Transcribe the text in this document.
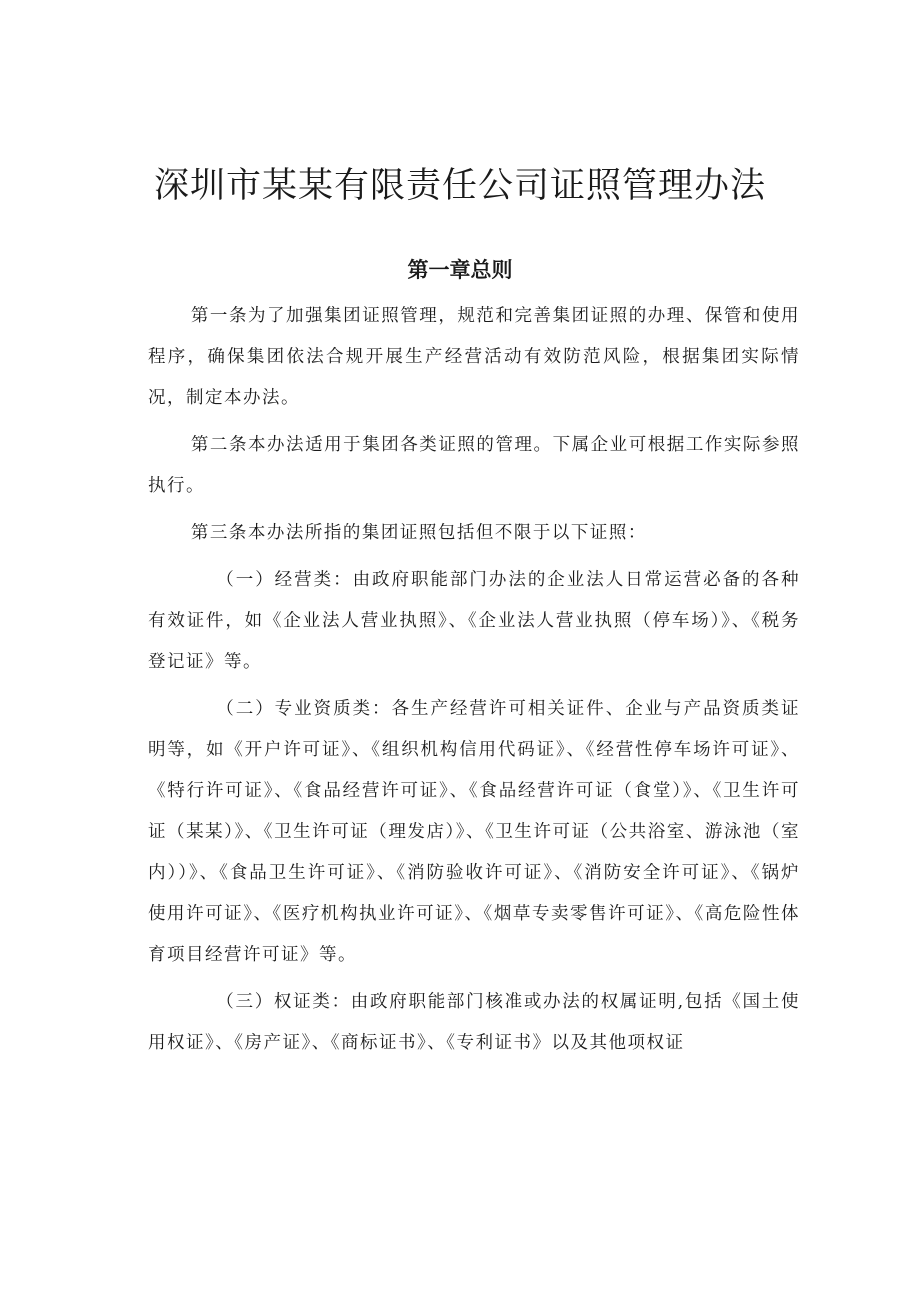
深圳市某某有限责任公司证照管理办法
第一章总则

第一条为了加强集团证照管理，规范和完善集团证照的办理、保管和使用程序，确保集团依法合规开展生产经营活动有效防范风险，根据集团实际情况，制定本办法。

第二条本办法适用于集团各类证照的管理。下属企业可根据工作实际参照执行。

第三条本办法所指的集团证照包括但不限于以下证照：

（一）经营类：由政府职能部门办法的企业法人日常运营必备的各种有效证件，如《企业法人营业执照》、《企业法人营业执照（停车场）》、《税务登记证》等。

（二）专业资质类：各生产经营许可相关证件、企业与产品资质类证明等，如《开户许可证》、《组织机构信用代码证》、《经营性停车场许可证》、《特行许可证》、《食品经营许可证》、《食品经营许可证（食堂）》、《卫生许可证（某某）》、《卫生许可证（理发店）》、《卫生许可证（公共浴室、游泳池（室内））》、《食品卫生许可证》、《消防验收许可证》、《消防安全许可证》、《锅炉使用许可证》、《医疗机构执业许可证》、《烟草专卖零售许可证》、《高危险性体育项目经营许可证》等。

（三）权证类：由政府职能部门核准或办法的权属证明,包括《国土使用权证》、《房产证》、《商标证书》、《专利证书》以及其他项权证
